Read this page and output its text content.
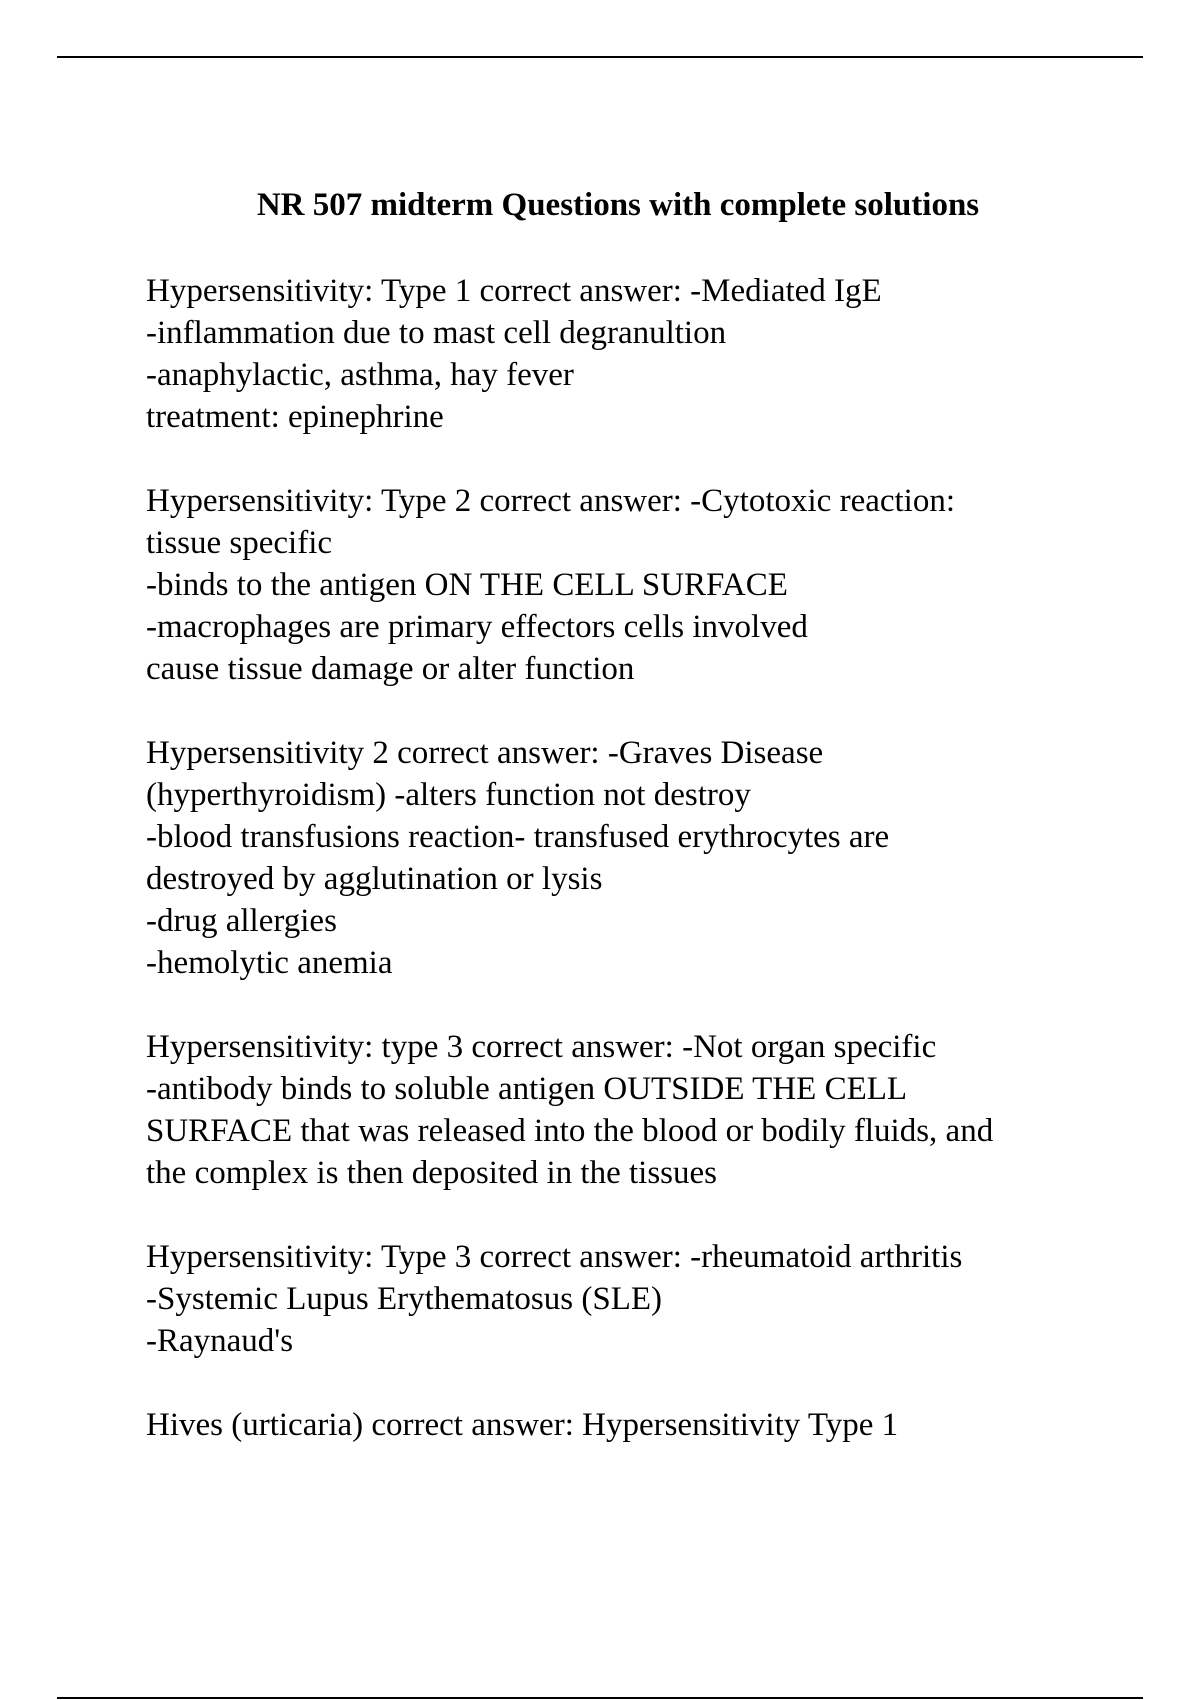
NR 507 midterm Questions with complete solutions
Hypersensitivity: Type 1 correct answer: -Mediated IgE
-inflammation due to mast cell degranultion
-anaphylactic, asthma, hay fever
treatment: epinephrine
Hypersensitivity: Type 2 correct answer: -Cytotoxic reaction:
tissue specific
-binds to the antigen ON THE CELL SURFACE
-macrophages are primary effectors cells involved
cause tissue damage or alter function
Hypersensitivity 2 correct answer: -Graves Disease
(hyperthyroidism) -alters function not destroy
-blood transfusions reaction- transfused erythrocytes are
destroyed by agglutination or lysis
-drug allergies
-hemolytic anemia
Hypersensitivity: type 3 correct answer: -Not organ specific
-antibody binds to soluble antigen OUTSIDE THE CELL
SURFACE that was released into the blood or bodily fluids, and
the complex is then deposited in the tissues
Hypersensitivity: Type 3 correct answer: -rheumatoid arthritis
-Systemic Lupus Erythematosus (SLE)
-Raynaud's
Hives (urticaria) correct answer: Hypersensitivity Type 1
